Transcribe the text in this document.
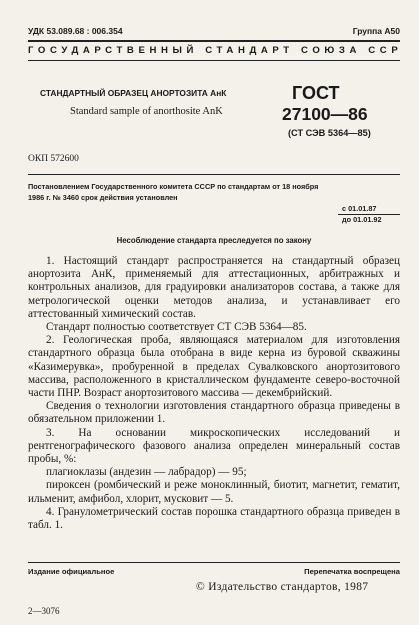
УДК 53.089.68 : 006.354	Группа А50
ГОСУДАРСТВЕННЫЙ СТАНДАРТ СОЮЗА ССР
СТАНДАРТНЫЙ ОБРАЗЕЦ АНОРТОЗИТА АнК
Standard sample of anorthosite AnK
ГОСТ
27100—86
(СТ СЭВ 5364—85)
ОКП 572600
Постановлением Государственного комитета СССР по стандартам от 18 ноября
1986 г. № 3460 срок действия установлен
с 01.01.87
до 01.01.92
Несоблюдение стандарта преследуется по закону

1. Настоящий стандарт распространяется на стандартный образец анортозита АнК, применяемый для аттестационных, арбитражных и контрольных анализов, для градуировки анализаторов состава, а также для метрологической оценки методов анализа, и устанавливает его аттестованный химический состав.

Стандарт полностью соответствует СТ СЭВ 5364—85.

2. Геологическая проба, являющаяся материалом для изготовления стандартного образца была отобрана в виде керна из буровой скважины «Казимерувка», пробуренной в пределах Сувалковского анортозитового массива, расположенного в кристаллическом фундаменте северо-восточной части ПНР. Возраст анортозитового массива — декембрийский.

Сведения о технологии изготовления стандартного образца приведены в обязательном приложении 1.

3. На основании микроскопических исследований и рентгенографического фазового анализа определен минеральный состав пробы, %:

плагиоклазы (андезин — лабрадор) — 95;

пироксен (ромбический и реже моноклинный, биотит, магнетит, гематит, ильменит, амфибол, хлорит, мусковит — 5.

4. Гранулометрический состав порошка стандартного образца приведен в табл. 1.

Издание официальное	Перепечатка воспрещена
© Издательство стандартов, 1987
2—3076
